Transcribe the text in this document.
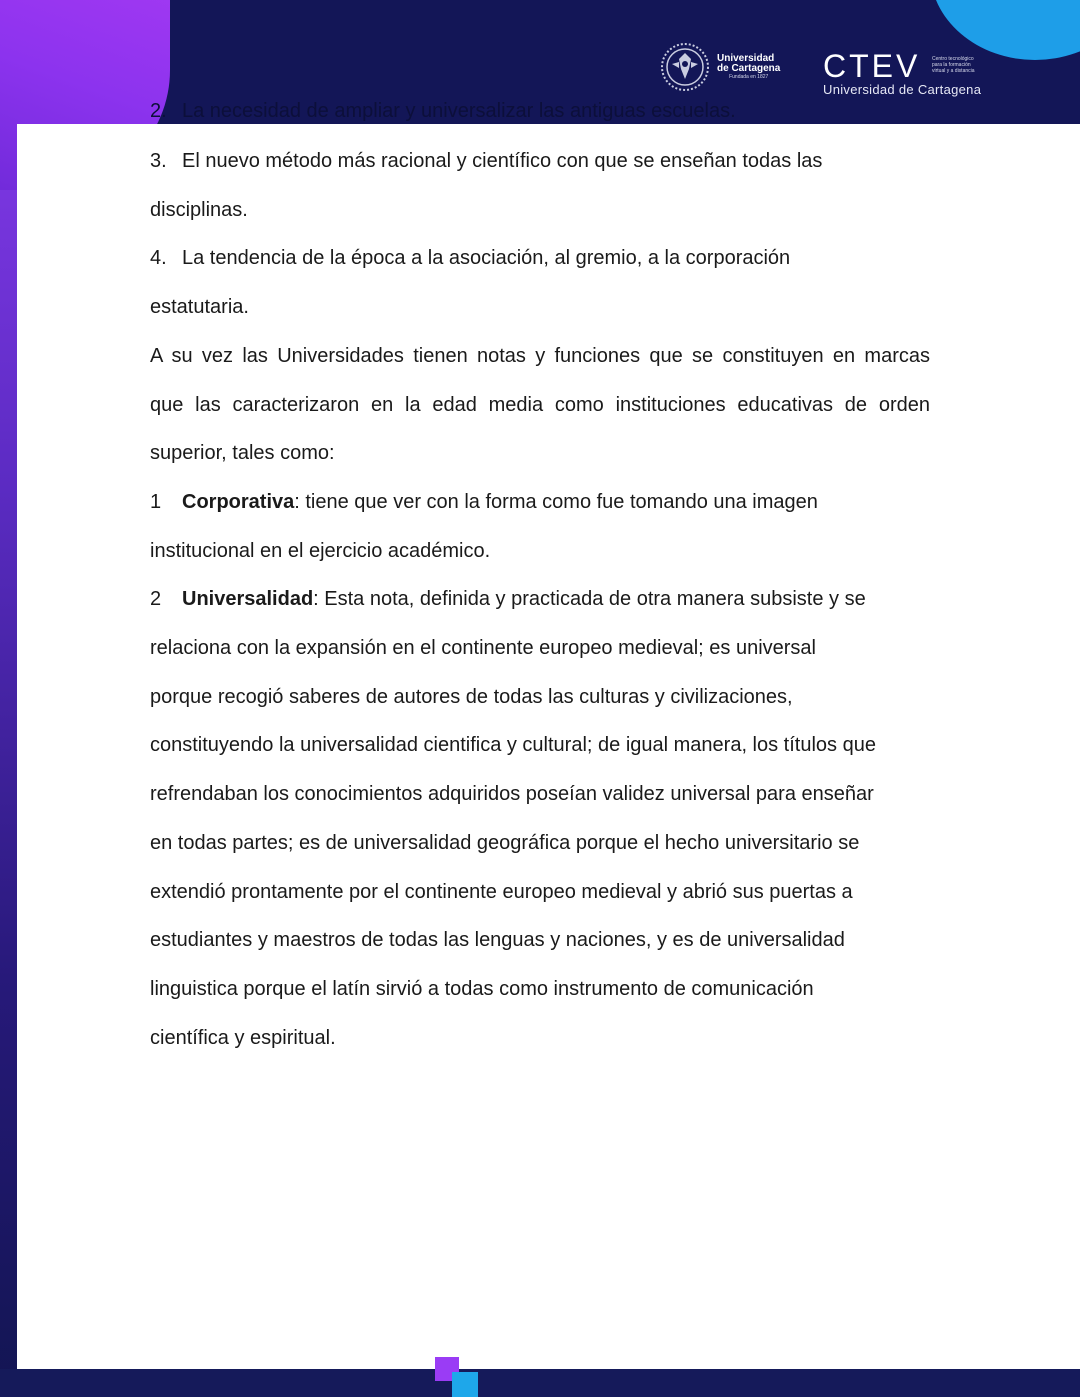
Universidad
de Cartagena
Fundada en 1827	CTEV Centro tecnológico
para la formación
virtual y a distancia
Universidad de Cartagena

2. La necesidad de ampliar y universalizar las antiguas escuelas.

3. El nuevo método más racional y científico con que se enseñan todas las

disciplinas.

4. La tendencia de la época a la asociación, al gremio, a la corporación

estatutaria.

A su vez las Universidades tienen notas y funciones que se constituyen en marcas

que las caracterizaron en la edad media como instituciones educativas de orden

superior, tales como:

1 Corporativa: tiene que ver con la forma como fue tomando una imagen

institucional en el ejercicio académico.

2 Universalidad: Esta nota, definida y practicada de otra manera subsiste y se

relaciona con la expansión en el continente europeo medieval; es universal

porque recogió saberes de autores de todas las culturas y civilizaciones,

constituyendo la universalidad cientifica y cultural; de igual manera, los títulos que

refrendaban los conocimientos adquiridos poseían validez universal para enseñar

en todas partes; es de universalidad geográfica porque el hecho universitario se

extendió prontamente por el continente europeo medieval y abrió sus puertas a

estudiantes y maestros de todas las lenguas y naciones, y es de universalidad

linguistica porque el latín sirvió a todas como instrumento de comunicación

científica y espiritual.
